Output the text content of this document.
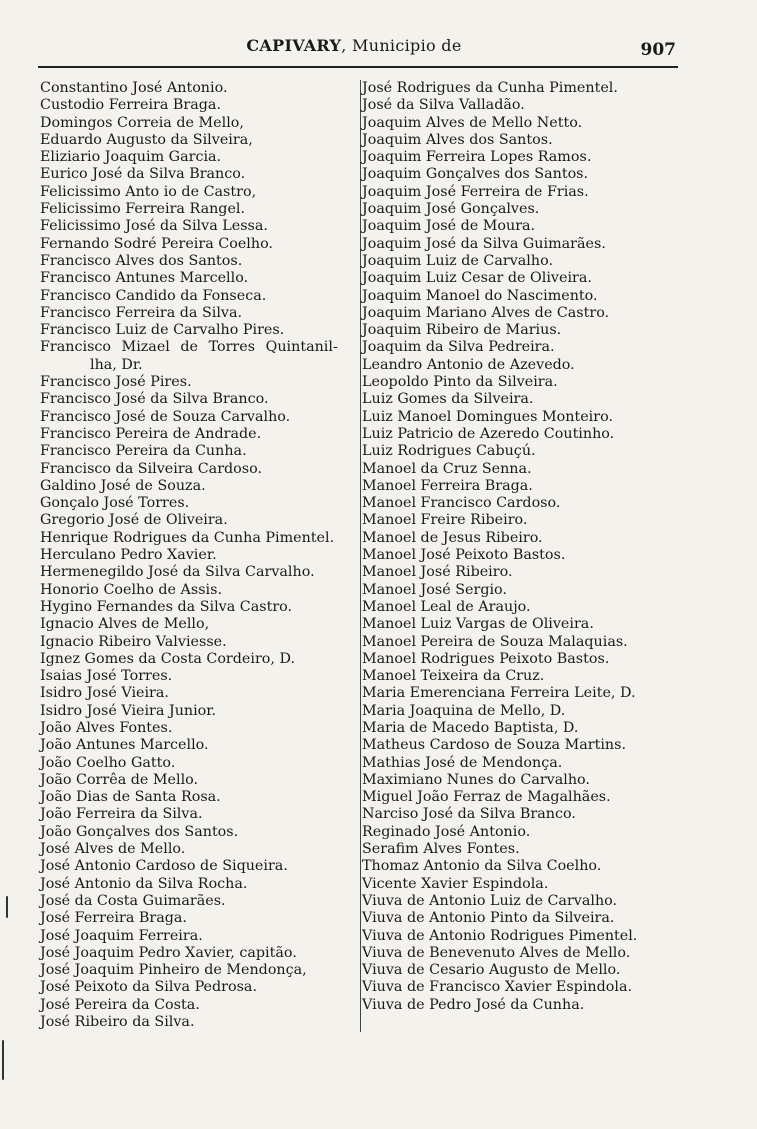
CAPIVARY, Municipio de	907
Constantino José Antonio.
Custodio Ferreira Braga.
Domingos Correia de Mello,
Eduardo Augusto da Silveira,
Eliziario Joaquim Garcia.
Eurico José da Silva Branco.
Felicissimo Anto io de Castro,
Felicissimo Ferreira Rangel.
Felicissimo José da Silva Lessa.
Fernando Sodré Pereira Coelho.
Francisco Alves dos Santos.
Francisco Antunes Marcello.
Francisco Candido da Fonseca.
Francisco Ferreira da Silva.
Francisco Luiz de Carvalho Pires.
Francisco Mizael de Torres Quintanil-
lha, Dr.
Francisco José Pires.
Francisco José da Silva Branco.
Francisco José de Souza Carvalho.
Francisco Pereira de Andrade.
Francisco Pereira da Cunha.
Francisco da Silveira Cardoso.
Galdino José de Souza.
Gonçalo José Torres.
Gregorio José de Oliveira.
Henrique Rodrigues da Cunha Pimentel.
Herculano Pedro Xavier.
Hermenegildo José da Silva Carvalho.
Honorio Coelho de Assis.
Hygino Fernandes da Silva Castro.
Ignacio Alves de Mello,
Ignacio Ribeiro Valviesse.
Ignez Gomes da Costa Cordeiro, D.
Isaias José Torres.
Isidro José Vieira.
Isidro José Vieira Junior.
João Alves Fontes.
João Antunes Marcello.
João Coelho Gatto.
João Corrêa de Mello.
João Dias de Santa Rosa.
João Ferreira da Silva.
João Gonçalves dos Santos.
José Alves de Mello.
José Antonio Cardoso de Siqueira.
José Antonio da Silva Rocha.
José da Costa Guimarães.
José Ferreira Braga.
José Joaquim Ferreira.
José Joaquim Pedro Xavier, capitão.
José Joaquim Pinheiro de Mendonça,
José Peixoto da Silva Pedrosa.
José Pereira da Costa.
José Ribeiro da Silva.
José Rodrigues da Cunha Pimentel.
José da Silva Valladão.
Joaquim Alves de Mello Netto.
Joaquim Alves dos Santos.
Joaquim Ferreira Lopes Ramos.
Joaquim Gonçalves dos Santos.
Joaquim José Ferreira de Frias.
Joaquim José Gonçalves.
Joaquim José de Moura.
Joaquim José da Silva Guimarães.
Joaquim Luiz de Carvalho.
Joaquim Luiz Cesar de Oliveira.
Joaquim Manoel do Nascimento.
Joaquim Mariano Alves de Castro.
Joaquim Ribeiro de Marius.
Joaquim da Silva Pedreira.
Leandro Antonio de Azevedo.
Leopoldo Pinto da Silveira.
Luiz Gomes da Silveira.
Luiz Manoel Domingues Monteiro.
Luiz Patricio de Azeredo Coutinho.
Luiz Rodrigues Cabuçú.
Manoel da Cruz Senna.
Manoel Ferreira Braga.
Manoel Francisco Cardoso.
Manoel Freire Ribeiro.
Manoel de Jesus Ribeiro.
Manoel José Peixoto Bastos.
Manoel José Ribeiro.
Manoel José Sergio.
Manoel Leal de Araujo.
Manoel Luiz Vargas de Oliveira.
Manoel Pereira de Souza Malaquias.
Manoel Rodrigues Peixoto Bastos.
Manoel Teixeira da Cruz.
Maria Emerenciana Ferreira Leite, D.
Maria Joaquina de Mello, D.
Maria de Macedo Baptista, D.
Matheus Cardoso de Souza Martins.
Mathias José de Mendonça.
Maximiano Nunes do Carvalho.
Miguel João Ferraz de Magalhães.
Narciso José da Silva Branco.
Reginado José Antonio.
Serafim Alves Fontes.
Thomaz Antonio da Silva Coelho.
Vicente Xavier Espindola.
Viuva de Antonio Luiz de Carvalho.
Viuva de Antonio Pinto da Silveira.
Viuva de Antonio Rodrigues Pimentel.
Viuva de Benevenuto Alves de Mello.
Viuva de Cesario Augusto de Mello.
Viuva de Francisco Xavier Espindola.
Viuva de Pedro José da Cunha.
